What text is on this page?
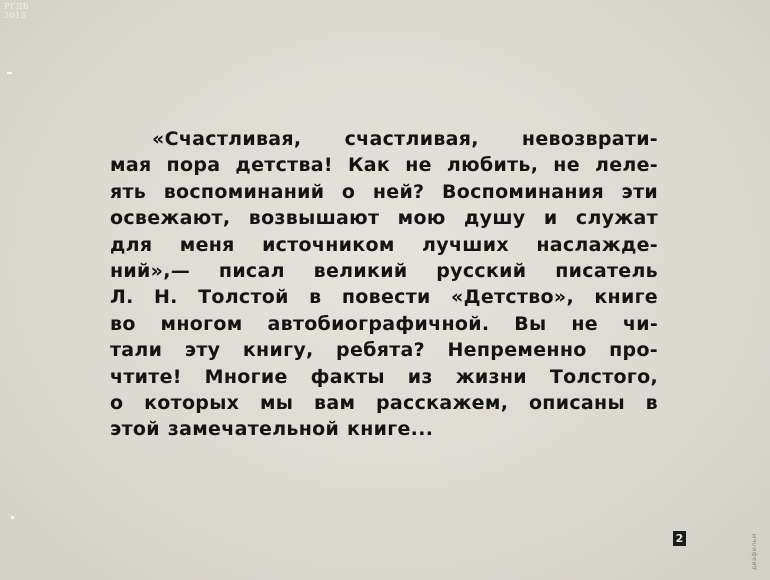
РГДБ
2015
«Счастливая, счастливая, невозврати-
мая пора детства! Как не любить, не леле-
ять воспоминаний о ней? Воспоминания эти
освежают, возвышают мою душу и служат
для меня источником лучших наслажде-
ний»,— писал великий русский писатель
Л. Н. Толстой в повести «Детство», книге
во многом автобиографичной. Вы не чи-
тали эту книгу, ребята? Непременно про-
чтите! Многие факты из жизни Толстого,
о которых мы вам расскажем, описаны в
этой замечательной книге...
2	диафильм
